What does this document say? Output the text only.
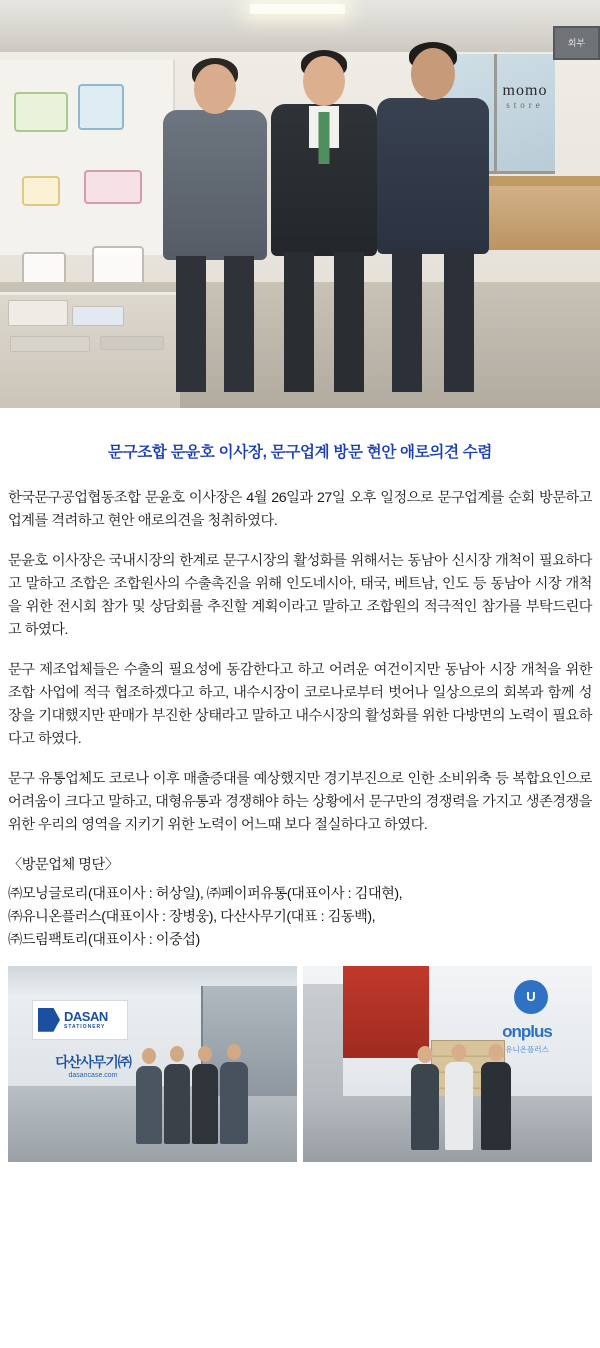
회부
momo
store
문구조합 문윤호 이사장, 문구업계 방문 현안 애로의견 수렴

한국문구공업협동조합 문윤호 이사장은 4월 26일과 27일 오후 일정으로 문구업계를 순회 방문하고 업계를 격려하고 현안 애로의견을 청취하였다.

문윤호 이사장은 국내시장의 한계로 문구시장의 활성화를 위해서는 동남아 신시장 개척이 필요하다고 말하고 조합은 조합원사의 수출촉진을 위해 인도네시아, 태국, 베트남, 인도 등 동남아 시장 개척을 위한 전시회 참가 및 상담회를 추진할 계획이라고 말하고 조합원의 적극적인 참가를 부탁드린다고 하였다.

문구 제조업체들은 수출의 필요성에 동감한다고 하고 어려운 여건이지만 동남아 시장 개척을 위한 조합 사업에 적극 협조하겠다고 하고, 내수시장이 코로나로부터 벗어나 일상으로의 회복과 함께 성장을 기대했지만 판매가 부진한 상태라고 말하고 내수시장의 활성화를 위한 다방면의 노력이 필요하다고 하였다.

문구 유통업체도 코로나 이후 매출증대를 예상했지만 경기부진으로 인한 소비위축 등 복합요인으로 어려움이 크다고 말하고, 대형유통과 경쟁해야 하는 상황에서 문구만의 경쟁력을 가지고 생존경쟁을 위한 우리의 영역을 지키기 위한 노력이 어느때 보다 절실하다고 하였다.

〈방문업체 명단〉
㈜모닝글로리(대표이사 : 허상일), ㈜페이퍼유통(대표이사 : 김대현),
㈜유니온플러스(대표이사 : 장병웅), 다산사무기(대표 : 김동백),
㈜드림팩토리(대표이사 : 이중섭)
DASAN
STATIONERY
다산사무기㈜
dasancase.com
U
onplus
유니온플러스
